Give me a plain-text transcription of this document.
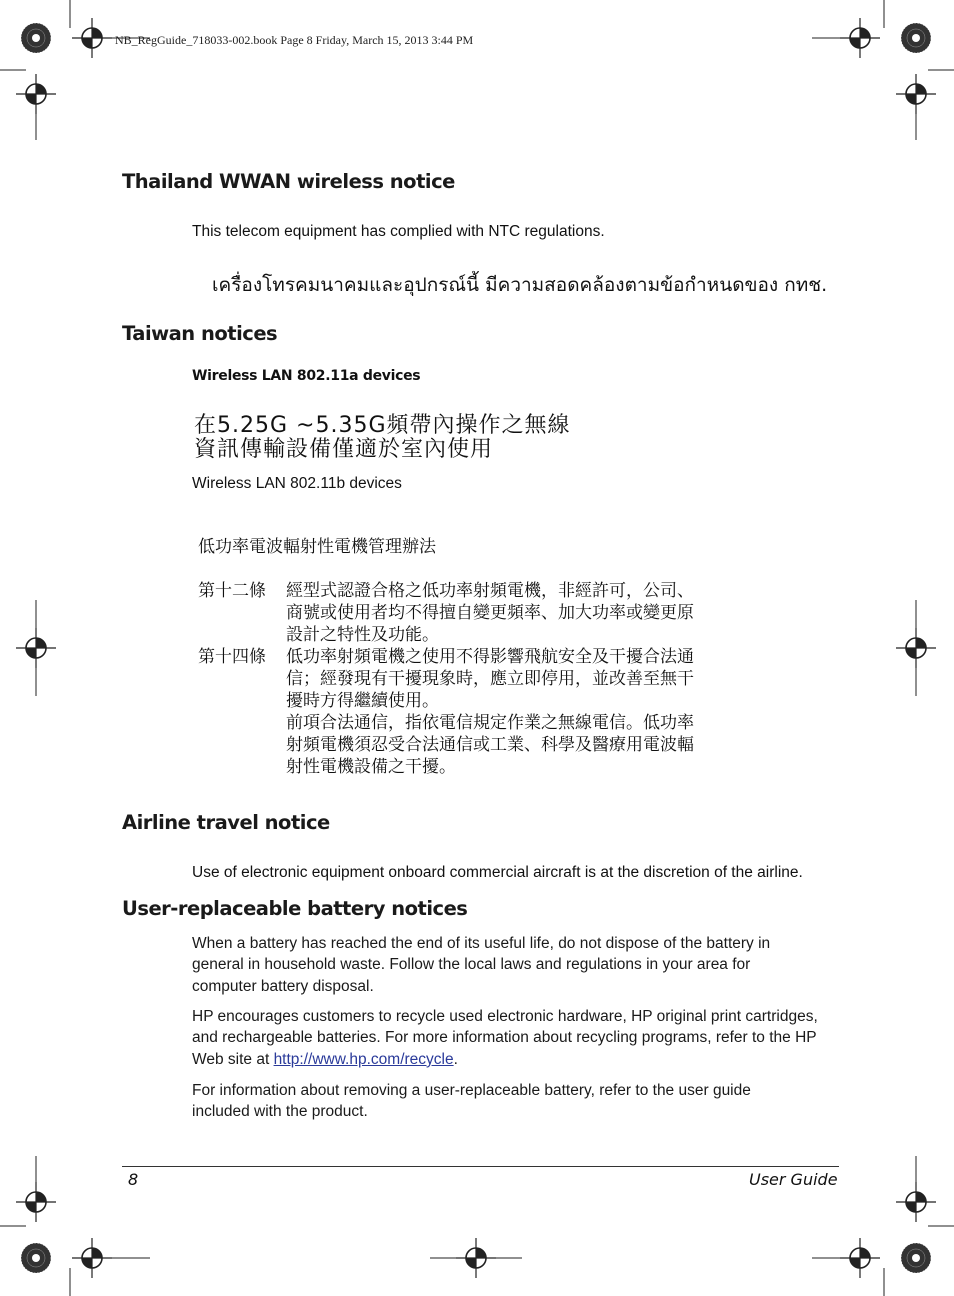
NB_RegGuide_718033-002.book Page 8 Friday, March 15, 2013 3:44 PM
Thailand WWAN wireless notice

This telecom equipment has complied with NTC regulations.

เครื่องโทรคมนาคมและอุปกรณ์นี้ มีความสอดคล้องตามข้อกำหนดของ กทช.
Taiwan notices
Wireless LAN 802.11a devices
在5.25G ~5.35G頻帶內操作之無線
資訊傳輸設備僅適於室內使用
Wireless LAN 802.11b devices
低功率電波輻射性電機管理辦法
第十二條 經型式認證合格之低功率射頻電機，非經許可，公司、
商號或使用者均不得擅自變更頻率、加大功率或變更原
設計之特性及功能。
第十四條 低功率射頻電機之使用不得影響飛航安全及干擾合法通
信；經發現有干擾現象時，應立即停用，並改善至無干
擾時方得繼續使用。
前項合法通信，指依電信規定作業之無線電信。低功率
射頻電機須忍受合法通信或工業、科學及醫療用電波輻
射性電機設備之干擾。
Airline travel notice

Use of electronic equipment onboard commercial aircraft is at the discretion of the airline.

User-replaceable battery notices

When a battery has reached the end of its useful life, do not dispose of the battery in general in household waste. Follow the local laws and regulations in your area for computer battery disposal.

HP encourages customers to recycle used electronic hardware, HP original print cartridges, and rechargeable batteries. For more information about recycling programs, refer to the HP Web site at http://www.hp.com/recycle.

For information about removing a user-replaceable battery, refer to the user guide included with the product.

8	User Guide
